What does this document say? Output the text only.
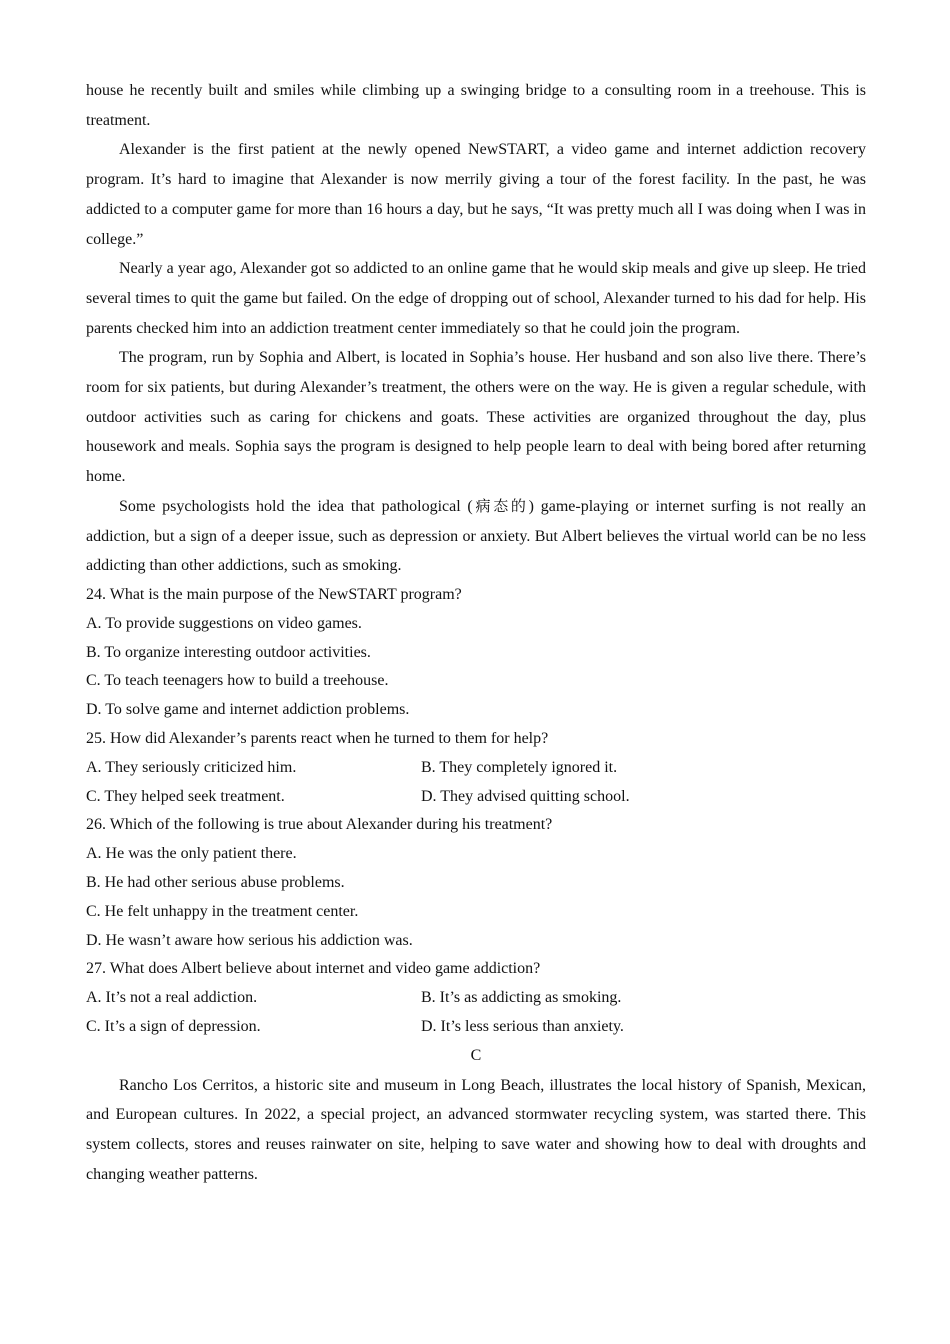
house he recently built and smiles while climbing up a swinging bridge to a consulting room in a treehouse. This is treatment.

Alexander is the first patient at the newly opened NewSTART, a video game and internet addiction recovery program. It’s hard to imagine that Alexander is now merrily giving a tour of the forest facility. In the past, he was addicted to a computer game for more than 16 hours a day, but he says, “It was pretty much all I was doing when I was in college.”

Nearly a year ago, Alexander got so addicted to an online game that he would skip meals and give up sleep. He tried several times to quit the game but failed. On the edge of dropping out of school, Alexander turned to his dad for help. His parents checked him into an addiction treatment center immediately so that he could join the program.

The program, run by Sophia and Albert, is located in Sophia’s house. Her husband and son also live there. There’s room for six patients, but during Alexander’s treatment, the others were on the way. He is given a regular schedule, with outdoor activities such as caring for chickens and goats. These activities are organized throughout the day, plus housework and meals. Sophia says the program is designed to help people learn to deal with being bored after returning home.

Some psychologists hold the idea that pathological (病态的) game-playing or internet surfing is not really an addiction, but a sign of a deeper issue, such as depression or anxiety. But Albert believes the virtual world can be no less addicting than other addictions, such as smoking.

24. What is the main purpose of the NewSTART program?

A. To provide suggestions on video games.

B. To organize interesting outdoor activities.

C. To teach teenagers how to build a treehouse.

D. To solve game and internet addiction problems.

25. How did Alexander’s parents react when he turned to them for help?

A. They seriously criticized him.	B. They completely ignored it.
C. They helped seek treatment.	D. They advised quitting school.

26. Which of the following is true about Alexander during his treatment?

A. He was the only patient there.

B. He had other serious abuse problems.

C. He felt unhappy in the treatment center.

D. He wasn’t aware how serious his addiction was.

27. What does Albert believe about internet and video game addiction?

A. It’s not a real addiction.	B. It’s as addicting as smoking.
C. It’s a sign of depression.	D. It’s less serious than anxiety.

C

Rancho Los Cerritos, a historic site and museum in Long Beach, illustrates the local history of Spanish, Mexican, and European cultures. In 2022, a special project, an advanced stormwater recycling system, was started there. This system collects, stores and reuses rainwater on site, helping to save water and showing how to deal with droughts and changing weather patterns.
